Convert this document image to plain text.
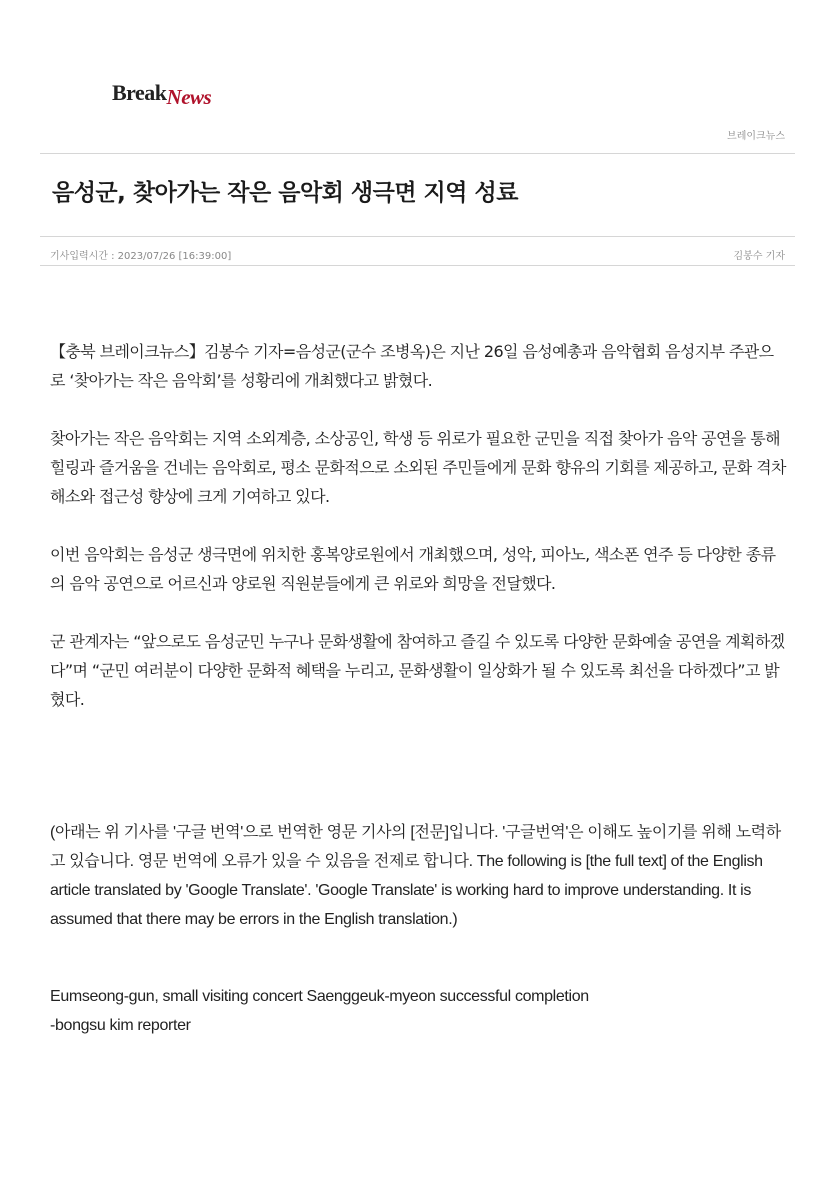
BreakNews
브레이크뉴스
음성군, 찾아가는 작은 음악회 생극면 지역 성료
기사입력시간 : 2023/07/26 [16:39:00]	김봉수 기자

【충북 브레이크뉴스】김봉수 기자=음성군(군수 조병옥)은 지난 26일 음성예총과 음악협회 음성지부 주관으로 ‘찾아가는 작은 음악회’를 성황리에 개최했다고 밝혔다.

찾아가는 작은 음악회는 지역 소외계층, 소상공인, 학생 등 위로가 필요한 군민을 직접 찾아가 음악 공연을 통해 힐링과 즐거움을 건네는 음악회로, 평소 문화적으로 소외된 주민들에게 문화 향유의 기회를 제공하고, 문화 격차 해소와 접근성 향상에 크게 기여하고 있다.

이번 음악회는 음성군 생극면에 위치한 홍복양로원에서 개최했으며, 성악, 피아노, 색소폰 연주 등 다양한 종류의 음악 공연으로 어르신과 양로원 직원분들에게 큰 위로와 희망을 전달했다.

군 관계자는 “앞으로도 음성군민 누구나 문화생활에 참여하고 즐길 수 있도록 다양한 문화예술 공연을 계획하겠다”며 “군민 여러분이 다양한 문화적 혜택을 누리고, 문화생활이 일상화가 될 수 있도록 최선을 다하겠다”고 밝혔다.

(아래는 위 기사를 '구글 번역'으로 번역한 영문 기사의 [전문]입니다. '구글번역'은 이해도 높이기를 위해 노력하고 있습니다. 영문 번역에 오류가 있을 수 있음을 전제로 합니다. The following is [the full text] of the English article translated by 'Google Translate'. 'Google Translate' is working hard to improve understanding. It is assumed that there may be errors in the English translation.)

Eumseong-gun, small visiting concert Saenggeuk-myeon successful completion

-bongsu kim reporter
